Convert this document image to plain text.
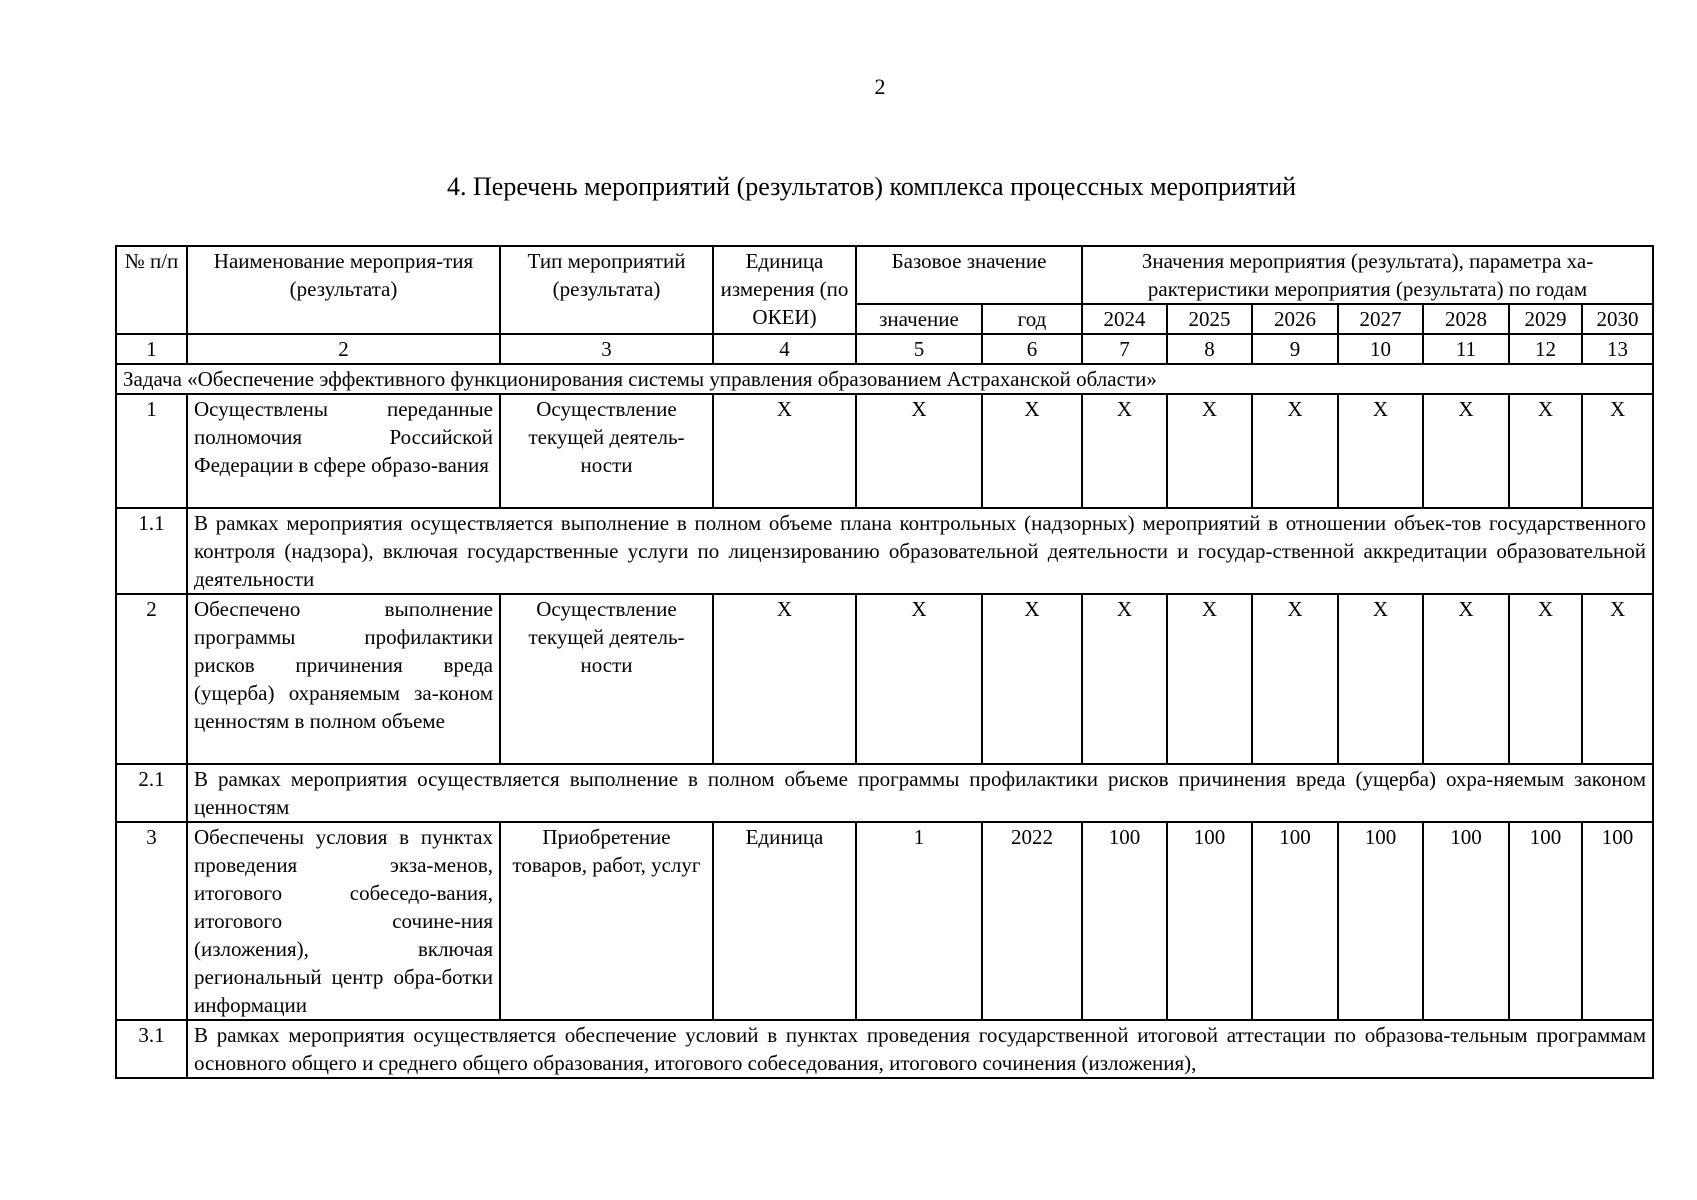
2
4. Перечень мероприятий (результатов) комплекса процессных мероприятий
№ п/п	Наименование мероприя-тия (результата)	Тип мероприятий (результата)	Единица измерения (по ОКЕИ)	Базовое значение		Значения мероприятия (результата), параметра ха-рактеристики мероприятия (результата) по годам						
				значение	год	2024	2025	2026	2027	2028	2029	2030
1	2	3	4	5	6	7	8	9	10	11	12	13
Задача «Обеспечение эффективного функционирования системы управления образованием Астраханской области»												
1	Осуществлены переданные полномочия Российской Федерации в сфере образо-вания	Осуществление текущей деятель-ности	X	X	X	X	X	X	X	X	X	X
1.1	В рамках мероприятия осуществляется выполнение в полном объеме плана контрольных (надзорных) мероприятий в отношении объек-тов государственного контроля (надзора), включая государственные услуги по лицензированию образовательной деятельности и государ-ственной аккредитации образовательной деятельности											
2	Обеспечено выполнение программы профилактики рисков причинения вреда (ущерба) охраняемым за-коном ценностям в полном объеме	Осуществление текущей деятель-ности	X	X	X	X	X	X	X	X	X	X
2.1	В рамках мероприятия осуществляется выполнение в полном объеме программы профилактики рисков причинения вреда (ущерба) охра-няемым законом ценностям											
3	Обеспечены условия в пунктах проведения экза-менов, итогового собеседо-вания, итогового сочине-ния (изложения), включая региональный центр обра-ботки информации	Приобретение товаров, работ, услуг	Единица	1	2022	100	100	100	100	100	100	100
3.1	В рамках мероприятия осуществляется обеспечение условий в пунктах проведения государственной итоговой аттестации по образова-тельным программам основного общего и среднего общего образования, итогового собеседования, итогового сочинения (изложения),											
